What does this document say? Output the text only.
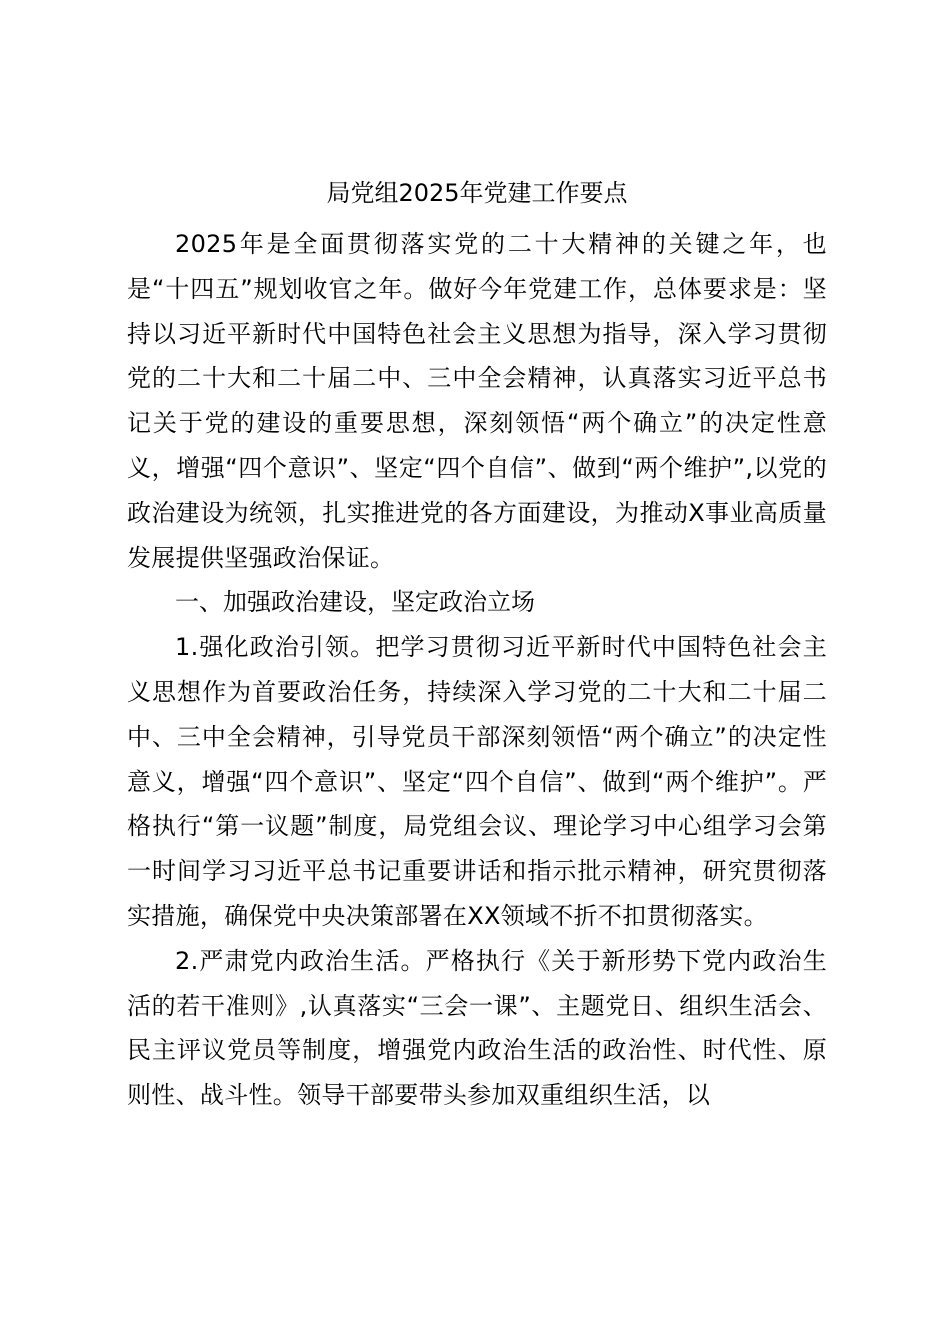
局党组2025年党建工作要点

2025年是全面贯彻落实党的二十大精神的关键之年，也是“十四五”规划收官之年。做好今年党建工作，总体要求是：坚持以习近平新时代中国特色社会主义思想为指导，深入学习贯彻党的二十大和二十届二中、三中全会精神，认真落实习近平总书记关于党的建设的重要思想，深刻领悟“两个确立”的决定性意义，增强“四个意识”、坚定“四个自信”、做到“两个维护”,以党的政治建设为统领，扎实推进党的各方面建设，为推动X事业高质量发展提供坚强政治保证。

一、加强政治建设，坚定政治立场

1.强化政治引领。把学习贯彻习近平新时代中国特色社会主义思想作为首要政治任务，持续深入学习党的二十大和二十届二中、三中全会精神，引导党员干部深刻领悟“两个确立”的决定性意义，增强“四个意识”、坚定“四个自信”、做到“两个维护”。严格执行“第一议题”制度，局党组会议、理论学习中心组学习会第一时间学习习近平总书记重要讲话和指示批示精神，研究贯彻落实措施，确保党中央决策部署在XX领域不折不扣贯彻落实。

2.严肃党内政治生活。严格执行《关于新形势下党内政治生活的若干准则》,认真落实“三会一课”、主题党日、组织生活会、民主评议党员等制度，增强党内政治生活的政治性、时代性、原则性、战斗性。领导干部要带头参加双重组织生活，以
